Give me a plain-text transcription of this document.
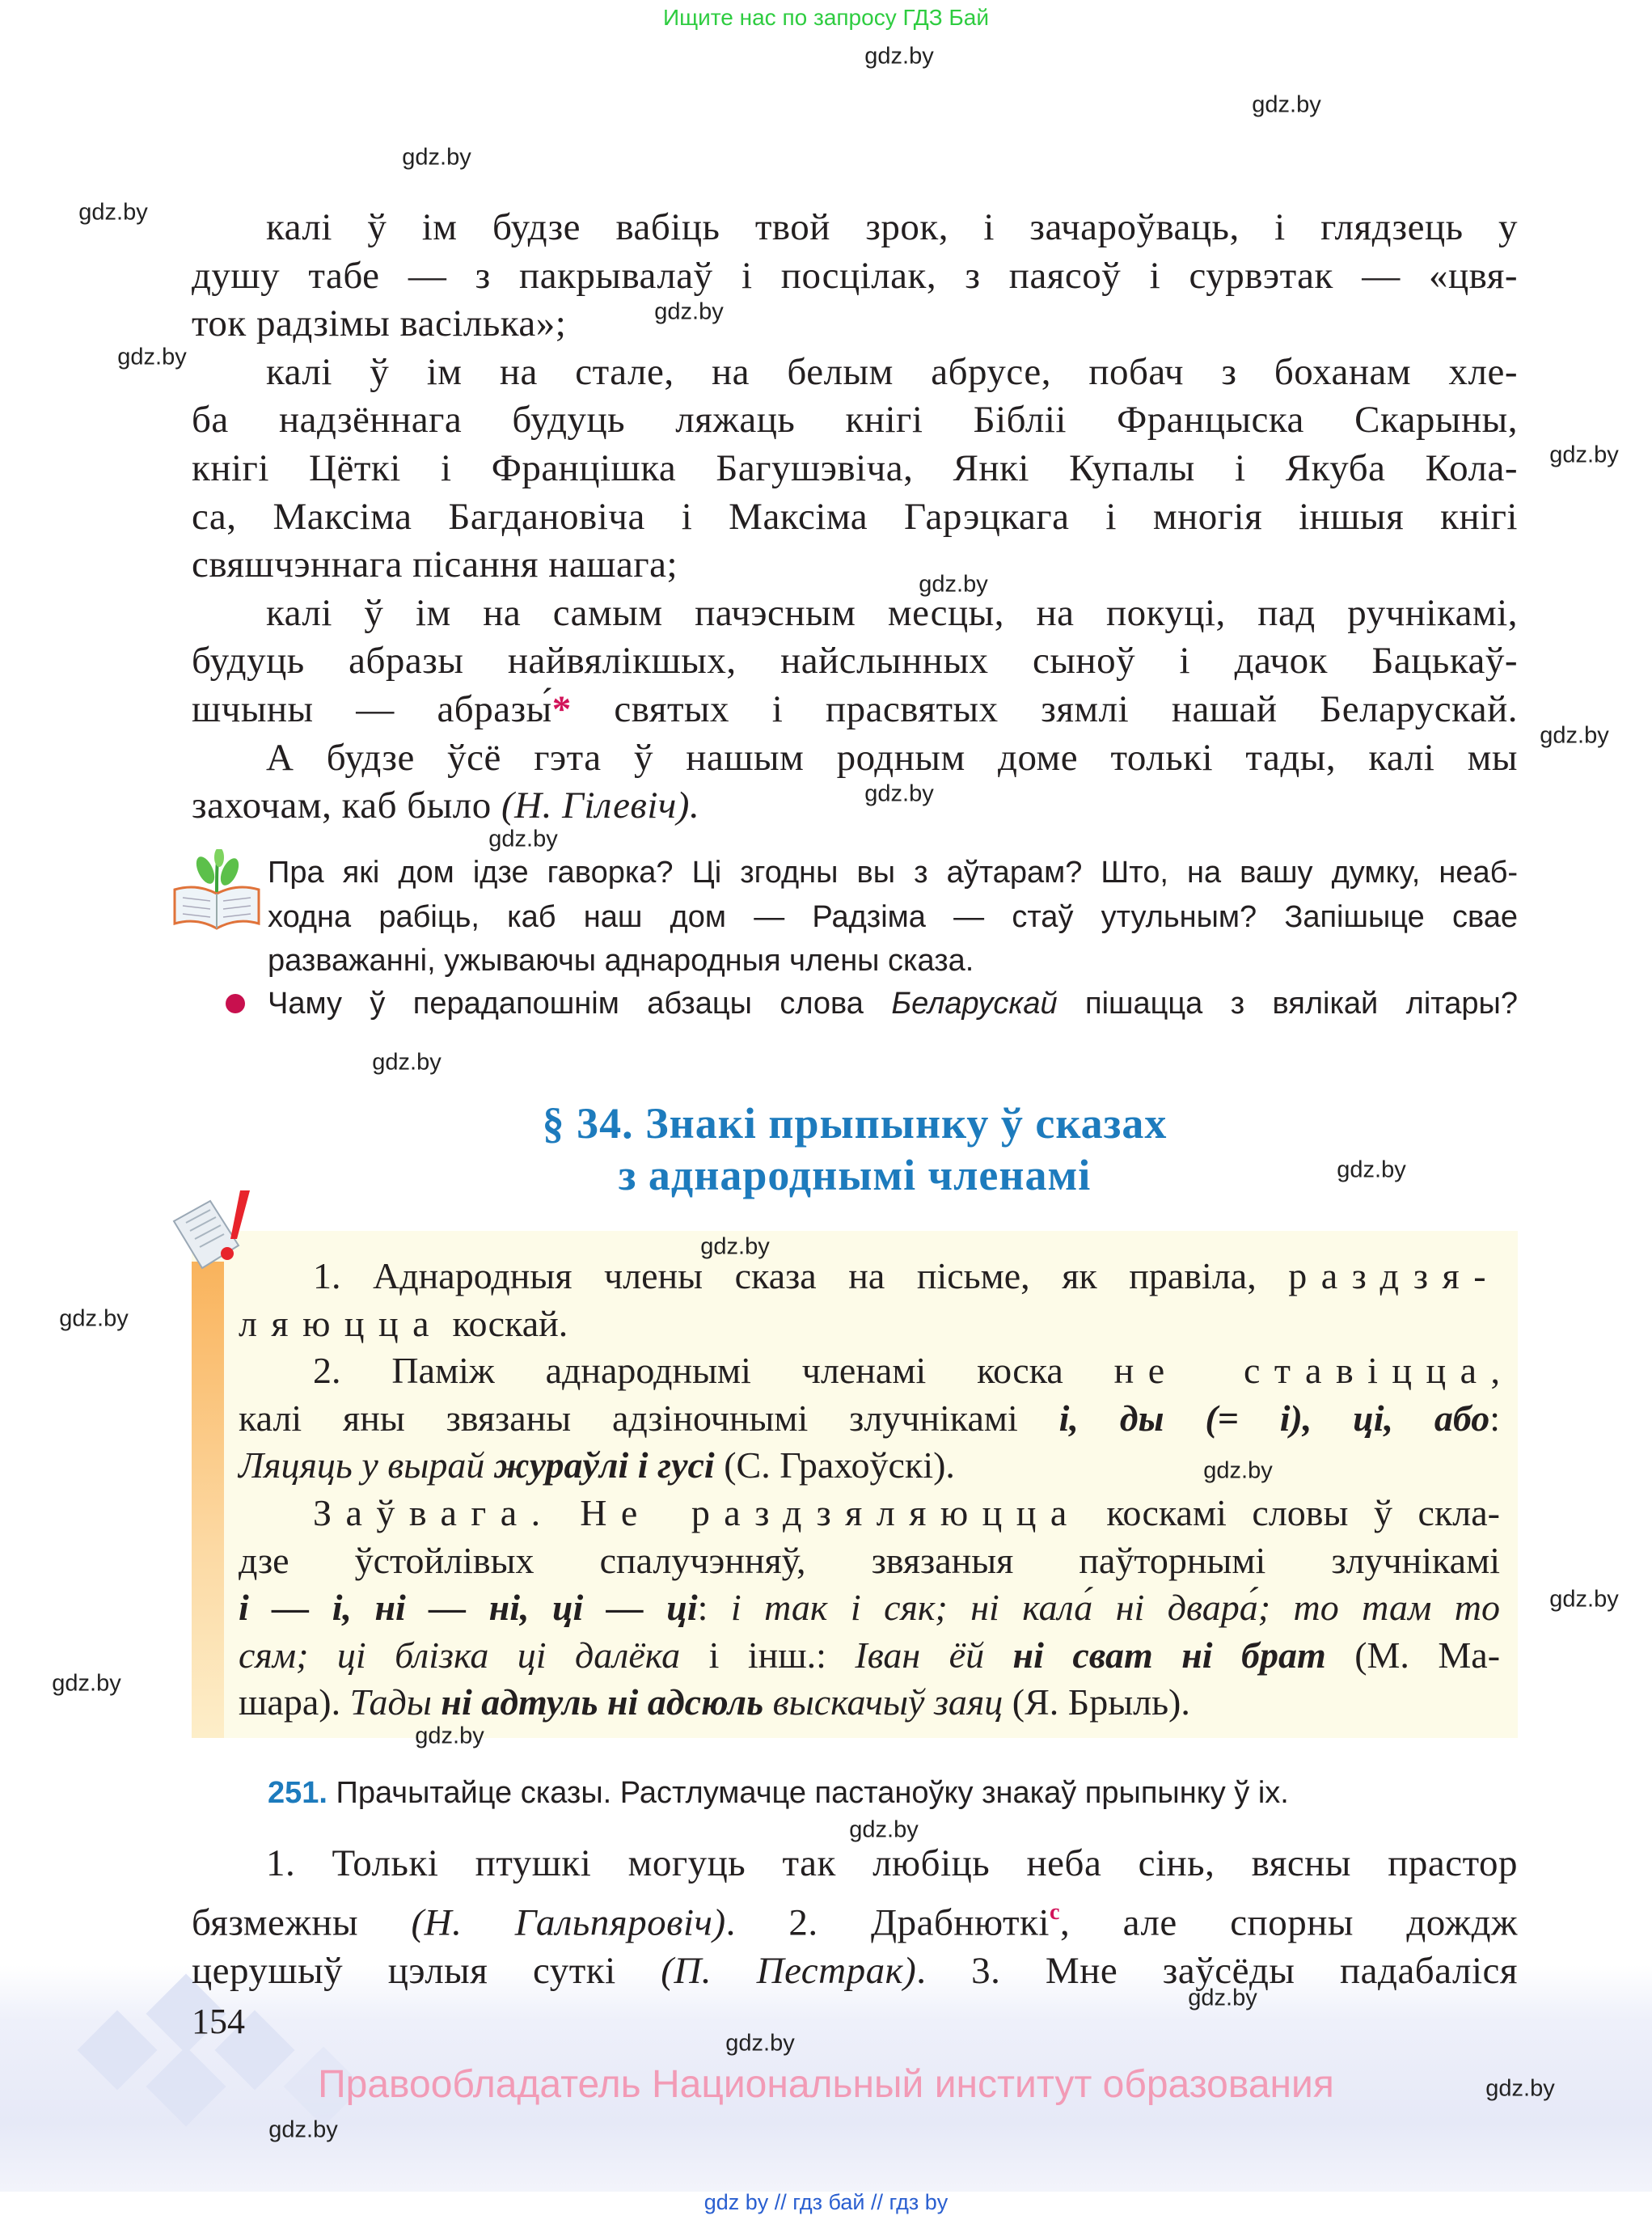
Ищите нас по запросу ГДЗ Бай
gdz.by
gdz.by
gdz.by
gdz.by
gdz.by
gdz.by
gdz.by
gdz.by
gdz.by
gdz.by
gdz.by
gdz.by
gdz.by
калі ў ім будзе вабіць твой зрок, і зачароўваць, і глядзець у
душу табе — з пакрывалаў і посцілак, з паясоў і сурвэтак — «цвя-
ток радзімы васілька»;
калі ў ім на стале, на белым абрусе, побач з боханам хле-
ба надзённага будуць ляжаць кнігі Бібліі Францыска Скарыны,
кнігі Цёткі і Францішка Багушэвіча, Янкі Купалы і Якуба Кола-
са, Максіма Багдановіча і Максіма Гарэцкага і многія іншыя кнігі
свяшчэннага пісання нашага;
калі ў ім на самым пачэсным месцы, на покуці, пад ручнікамі,
будуць абразы найвялікшых, найслынных сыноў і дачок Бацькаў-
шчыны — абразы́* святых і прасвятых зямлі нашай Беларускай.
А будзе ўсё гэта ў нашым родным доме толькі тады, калі мы
захочам, каб было (Н. Гілевіч).
Пра які дом ідзе гаворка? Ці згодны вы з аўтарам? Што, на вашу думку, неаб-
ходна рабіць, каб наш дом — Радзіма — стаў утульным? Запішыце свае
разважанні, ужываючы аднародныя члены сказа.
Чаму ў перадапошнім абзацы слова Беларускай пішацца з вялікай літары?
§ 34. Знакі прыпынку ў сказах
з аднароднымі членамі
1. Аднародныя члены сказа на пісьме, як правіла, раздзя-
ляюцца коскай.
2. Паміж аднароднымі членамі коска не ставіцца,
калі яны звязаны адзіночнымі злучнікамі і, ды (= і), ці, або:
Ляцяць у вырай жураўлі і гусі (С. Грахоўскі).
Заўвага. Не раздзяляюцца коскамі словы ў скла-
дзе ўстойлівых спалучэнняў, звязаныя паўторнымі злучнікамі
і — і, ні — ні, ці — ці: і так і сяк; ні кала́ ні двара́; то там то
сям; ці блізка ці далёка і інш.: Іван ёй ні сват ні брат (М. Ма-
шара). Тады ні адтуль ні адсюль выскачыў заяц (Я. Брыль).
gdz.by
gdz.by
gdz.by
gdz.by
gdz.by
gdz.by
251. Прачытайце сказы. Растлумачце пастаноўку знакаў прыпынку ў іх.
gdz.by
1. Толькі птушкі могуць так любіць неба сінь, вясны прастор
бязмежны (Н. Гальпяровіч). 2. Драбнюткі$^с$, але спорны дождж
церушыў цэлыя суткі (П. Пестрак). 3. Мне заўсёды падабаліся
154
Правообладатель Национальный институт образования
gdz.by
gdz.by
gdz.by
gdz.by
gdz by // гдз бай // гдз by
